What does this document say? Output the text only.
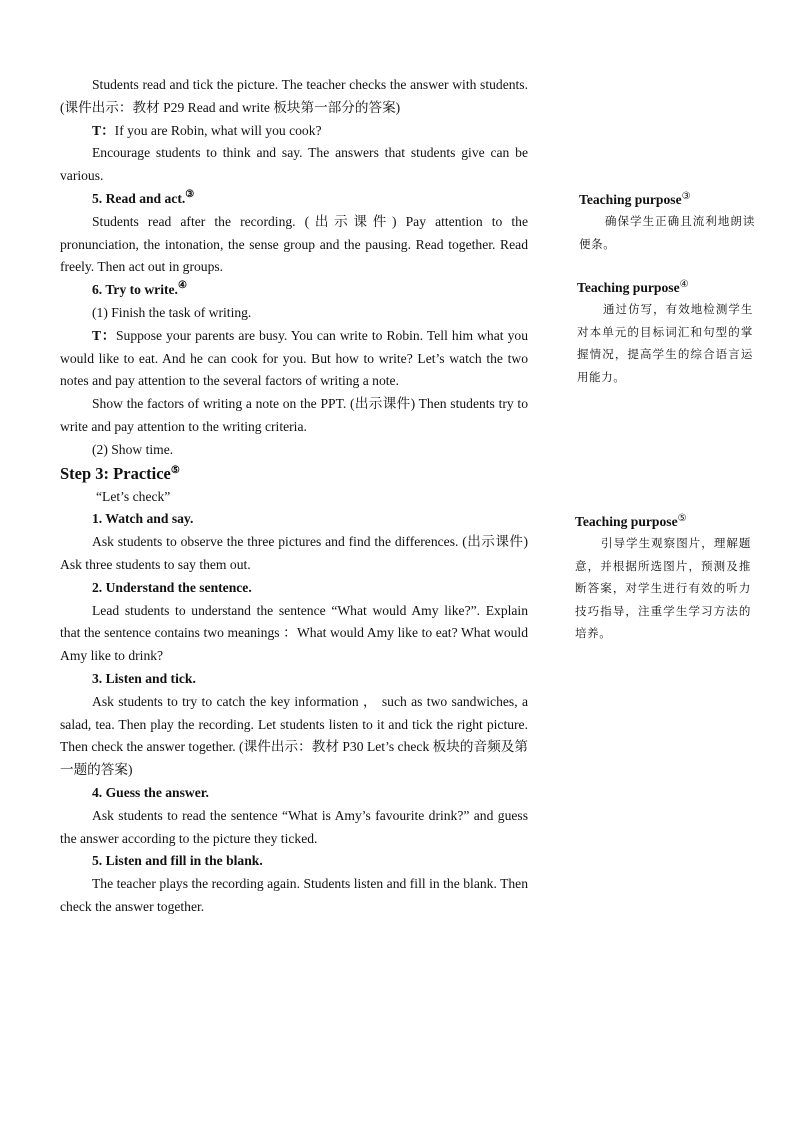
Students read and tick the picture. The teacher checks the answer with students. (课件出示：教材 P29 Read and write 板块第一部分的答案)

T：If you are Robin, what will you cook?

Encourage students to think and say. The answers that students give can be various.

5. Read and act.③

Students read after the recording. (出示课件) Pay attention to the pronunciation, the intonation, the sense group and the pausing. Read together. Read freely. Then act out in groups.

6. Try to write.④

(1) Finish the task of writing.

T：Suppose your parents are busy. You can write to Robin. Tell him what you would like to eat. And he can cook for you. But how to write? Let’s watch the two notes and pay attention to the several factors of writing a note.

Show the factors of writing a note on the PPT. (出示课件) Then students try to write and pay attention to the writing criteria.

(2) Show time.

Step 3: Practice⑤

“Let’s check”

1. Watch and say.

Ask students to observe the three pictures and find the differences. (出示课件) Ask three students to say them out.

2. Understand the sentence.

Lead students to understand the sentence “What would Amy like?”. Explain that the sentence contains two meanings ：What would Amy like to eat? What would Amy like to drink?

3. Listen and tick.

Ask students to try to catch the key information ， such as two sandwiches, a salad, tea. Then play the recording. Let students listen to it and tick the right picture. Then check the answer together. (课件出示：教材 P30 Let’s check 板块的音频及第一题的答案)

4. Guess the answer.

Ask students to read the sentence “What is Amy’s favourite drink?” and guess the answer according to the picture they ticked.

5. Listen and fill in the blank.

The teacher plays the recording again. Students listen and fill in the blank. Then check the answer together.

Teaching purpose③

确保学生正确且流利地朗读便条。

Teaching purpose④

通过仿写，有效地检测学生对本单元的目标词汇和句型的掌握情况，提高学生的综合语言运用能力。

Teaching purpose⑤

引导学生观察图片，理解题意，并根据所选图片，预测及推断答案，对学生进行有效的听力技巧指导，注重学生学习方法的培养。
